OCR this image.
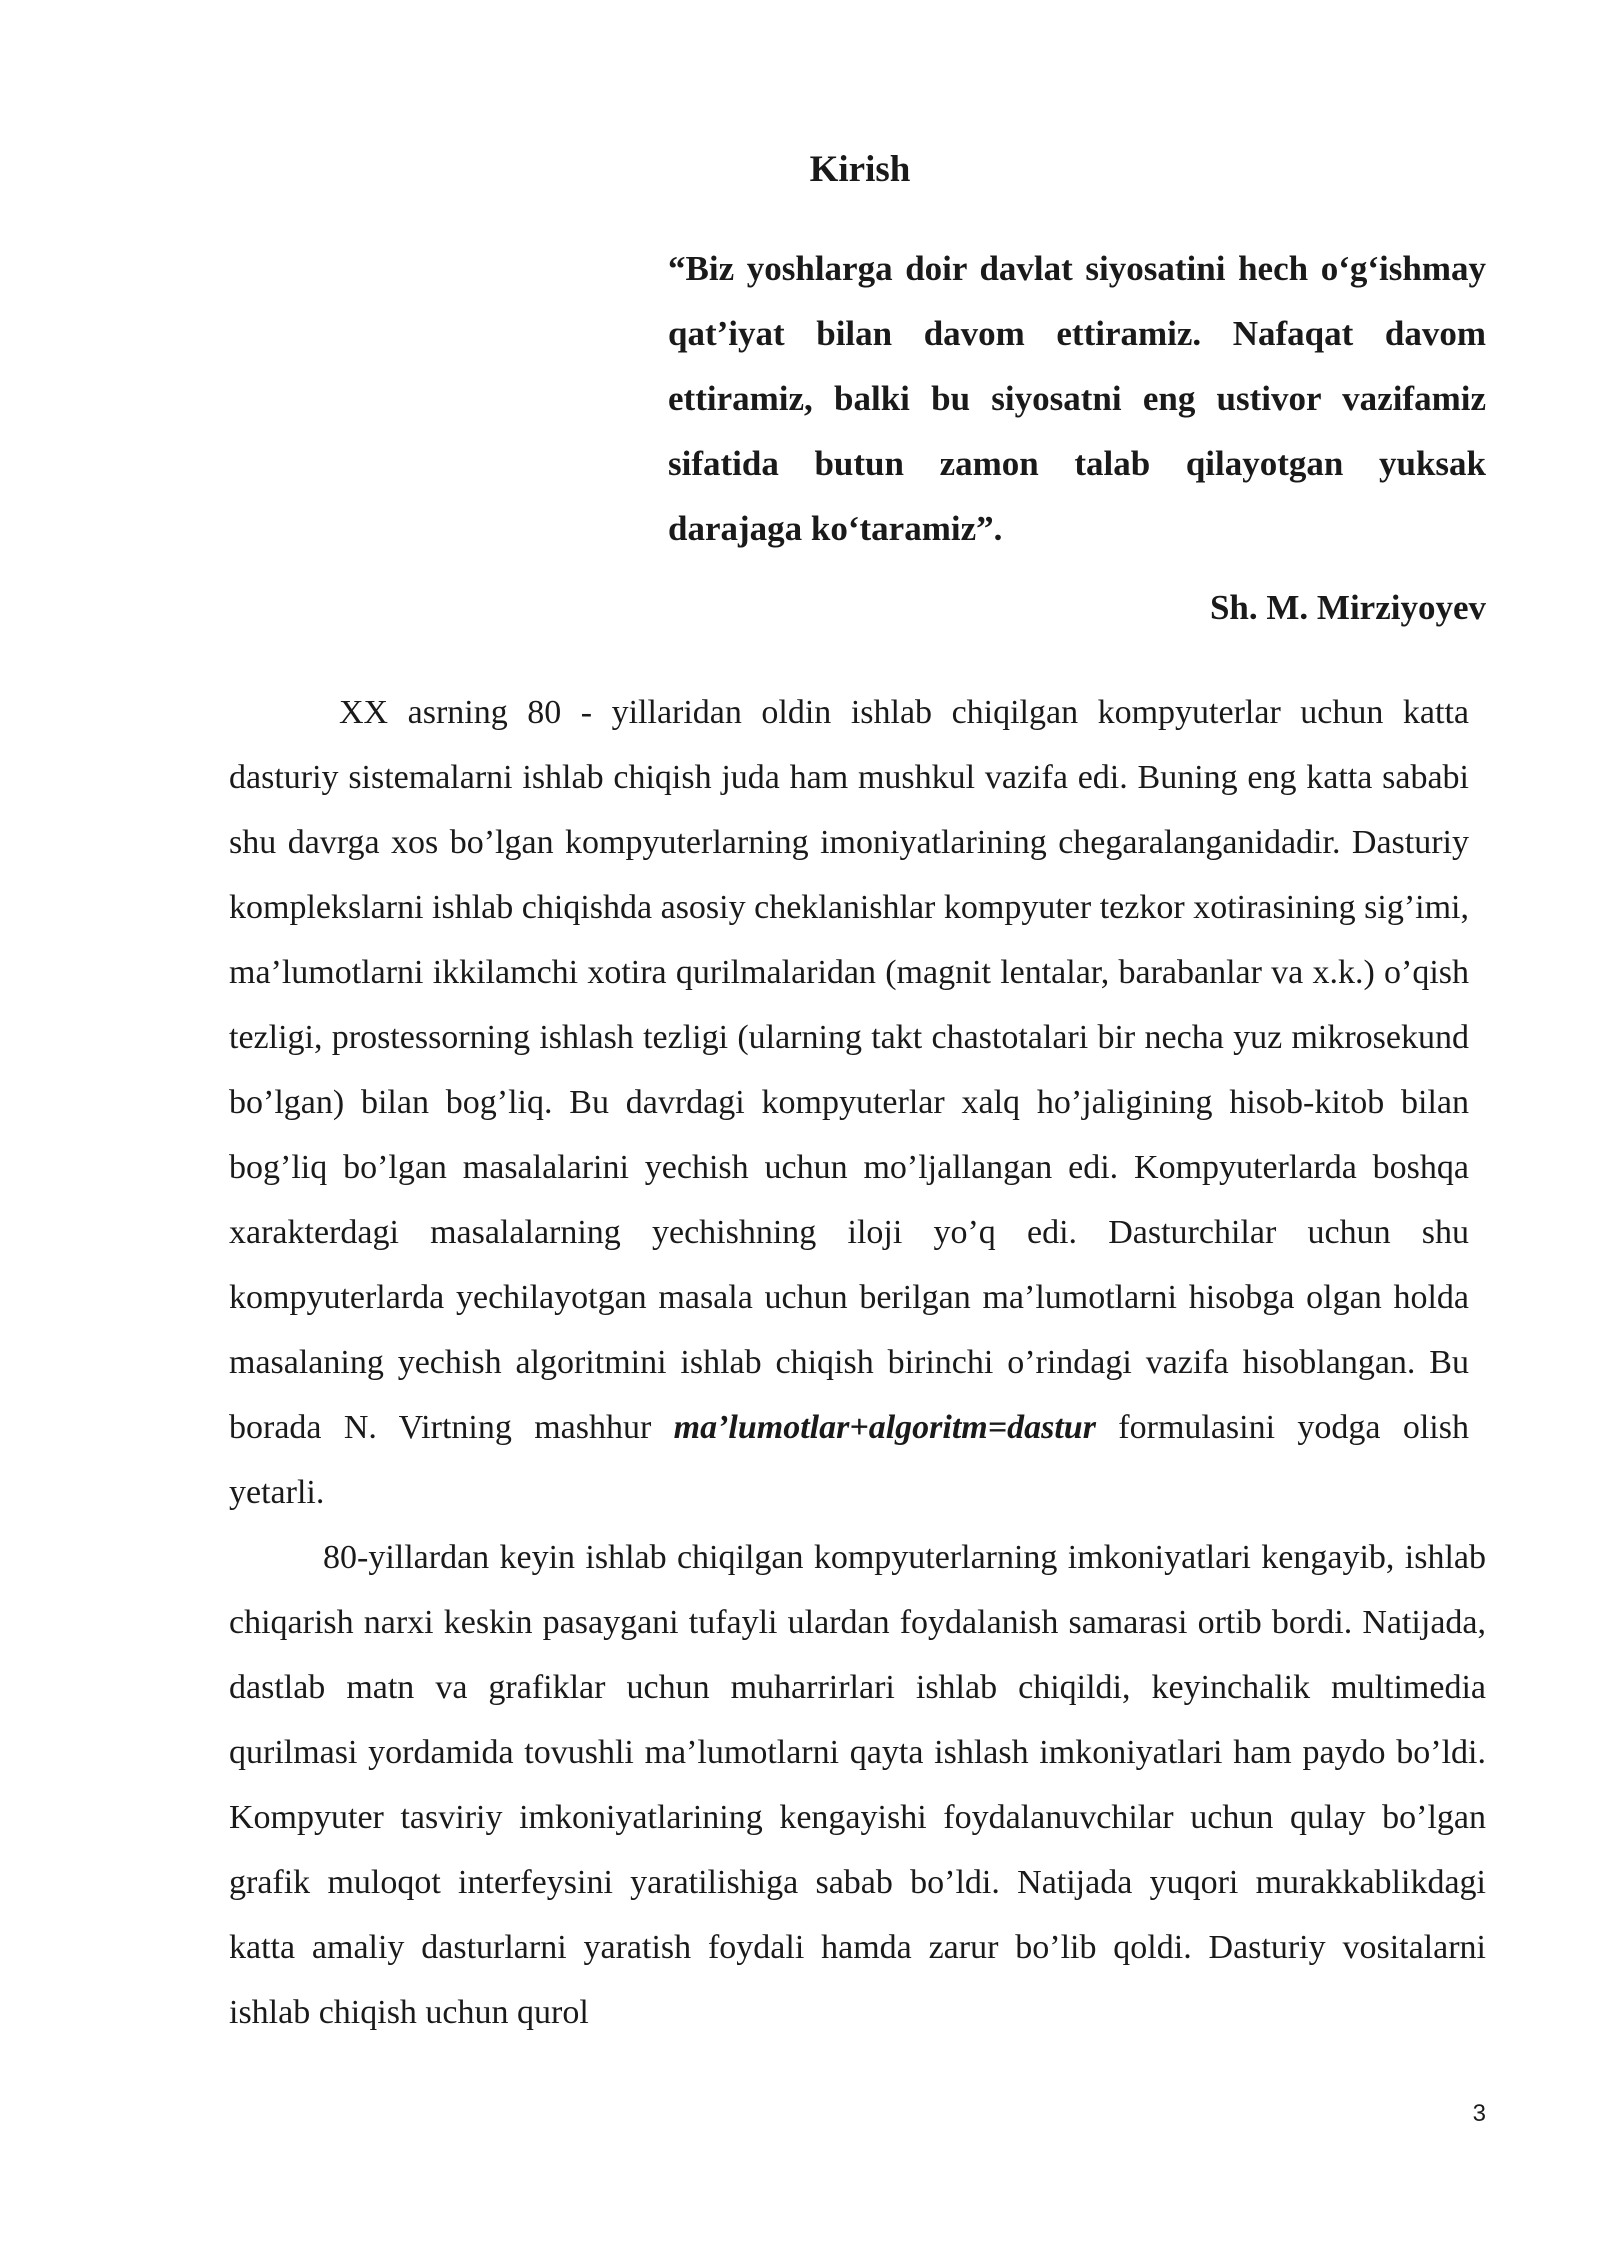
Kirish

“Biz yoshlarga doir davlat siyosatini hech o‘g‘ishmay qat’iyat bilan davom ettiramiz. Nafaqat davom ettiramiz, balki bu siyosatni eng ustivor vazifamiz sifatida butun zamon talab qilayotgan yuksak darajaga ko‘taramiz”.

Sh. M. Mirziyoyev

XX asrning 80 - yillaridan oldin ishlab chiqilgan kompyuterlar uchun katta dasturiy sistemalarni ishlab chiqish juda ham mushkul vazifa edi. Buning eng katta sababi shu davrga xos bo’lgan kompyuterlarning imoniyatlarining chegaralanganidadir. Dasturiy komplekslarni ishlab chiqishda asosiy cheklanishlar kompyuter tezkor xotirasining sig’imi, ma’lumotlarni ikkilamchi xotira qurilmalaridan (magnit lentalar, barabanlar va x.k.) o’qish tezligi, prostessorning ishlash tezligi (ularning takt chastotalari bir necha yuz mikrosekund bo’lgan) bilan bog’liq. Bu davrdagi kompyuterlar xalq ho’jaligining hisob-kitob bilan bog’liq bo’lgan masalalarini yechish uchun mo’ljallangan edi. Kompyuterlarda boshqa xarakterdagi masalalarning yechishning iloji yo’q edi. Dasturchilar uchun shu kompyuterlarda yechilayotgan masala uchun berilgan ma’lumotlarni hisobga olgan holda masalaning yechish algoritmini ishlab chiqish birinchi o’rindagi vazifa hisoblangan. Bu borada N. Virtning mashhur ma’lumotlar+algoritm=dastur formulasini yodga olish yetarli.

80-yillardan keyin ishlab chiqilgan kompyuterlarning imkoniyatlari kengayib, ishlab chiqarish narxi keskin pasaygani tufayli ulardan foydalanish samarasi ortib bordi. Natijada, dastlab matn va grafiklar uchun muharrirlari ishlab chiqildi, keyinchalik multimedia qurilmasi yordamida tovushli ma’lumotlarni qayta ishlash imkoniyatlari ham paydo bo’ldi. Kompyuter tasviriy imkoniyatlarining kengayishi foydalanuvchilar uchun qulay bo’lgan grafik muloqot interfeysini yaratilishiga sabab bo’ldi. Natijada yuqori murakkablikdagi katta amaliy dasturlarni yaratish foydali hamda zarur bo’lib qoldi. Dasturiy vositalarni ishlab chiqish uchun qurol

3
